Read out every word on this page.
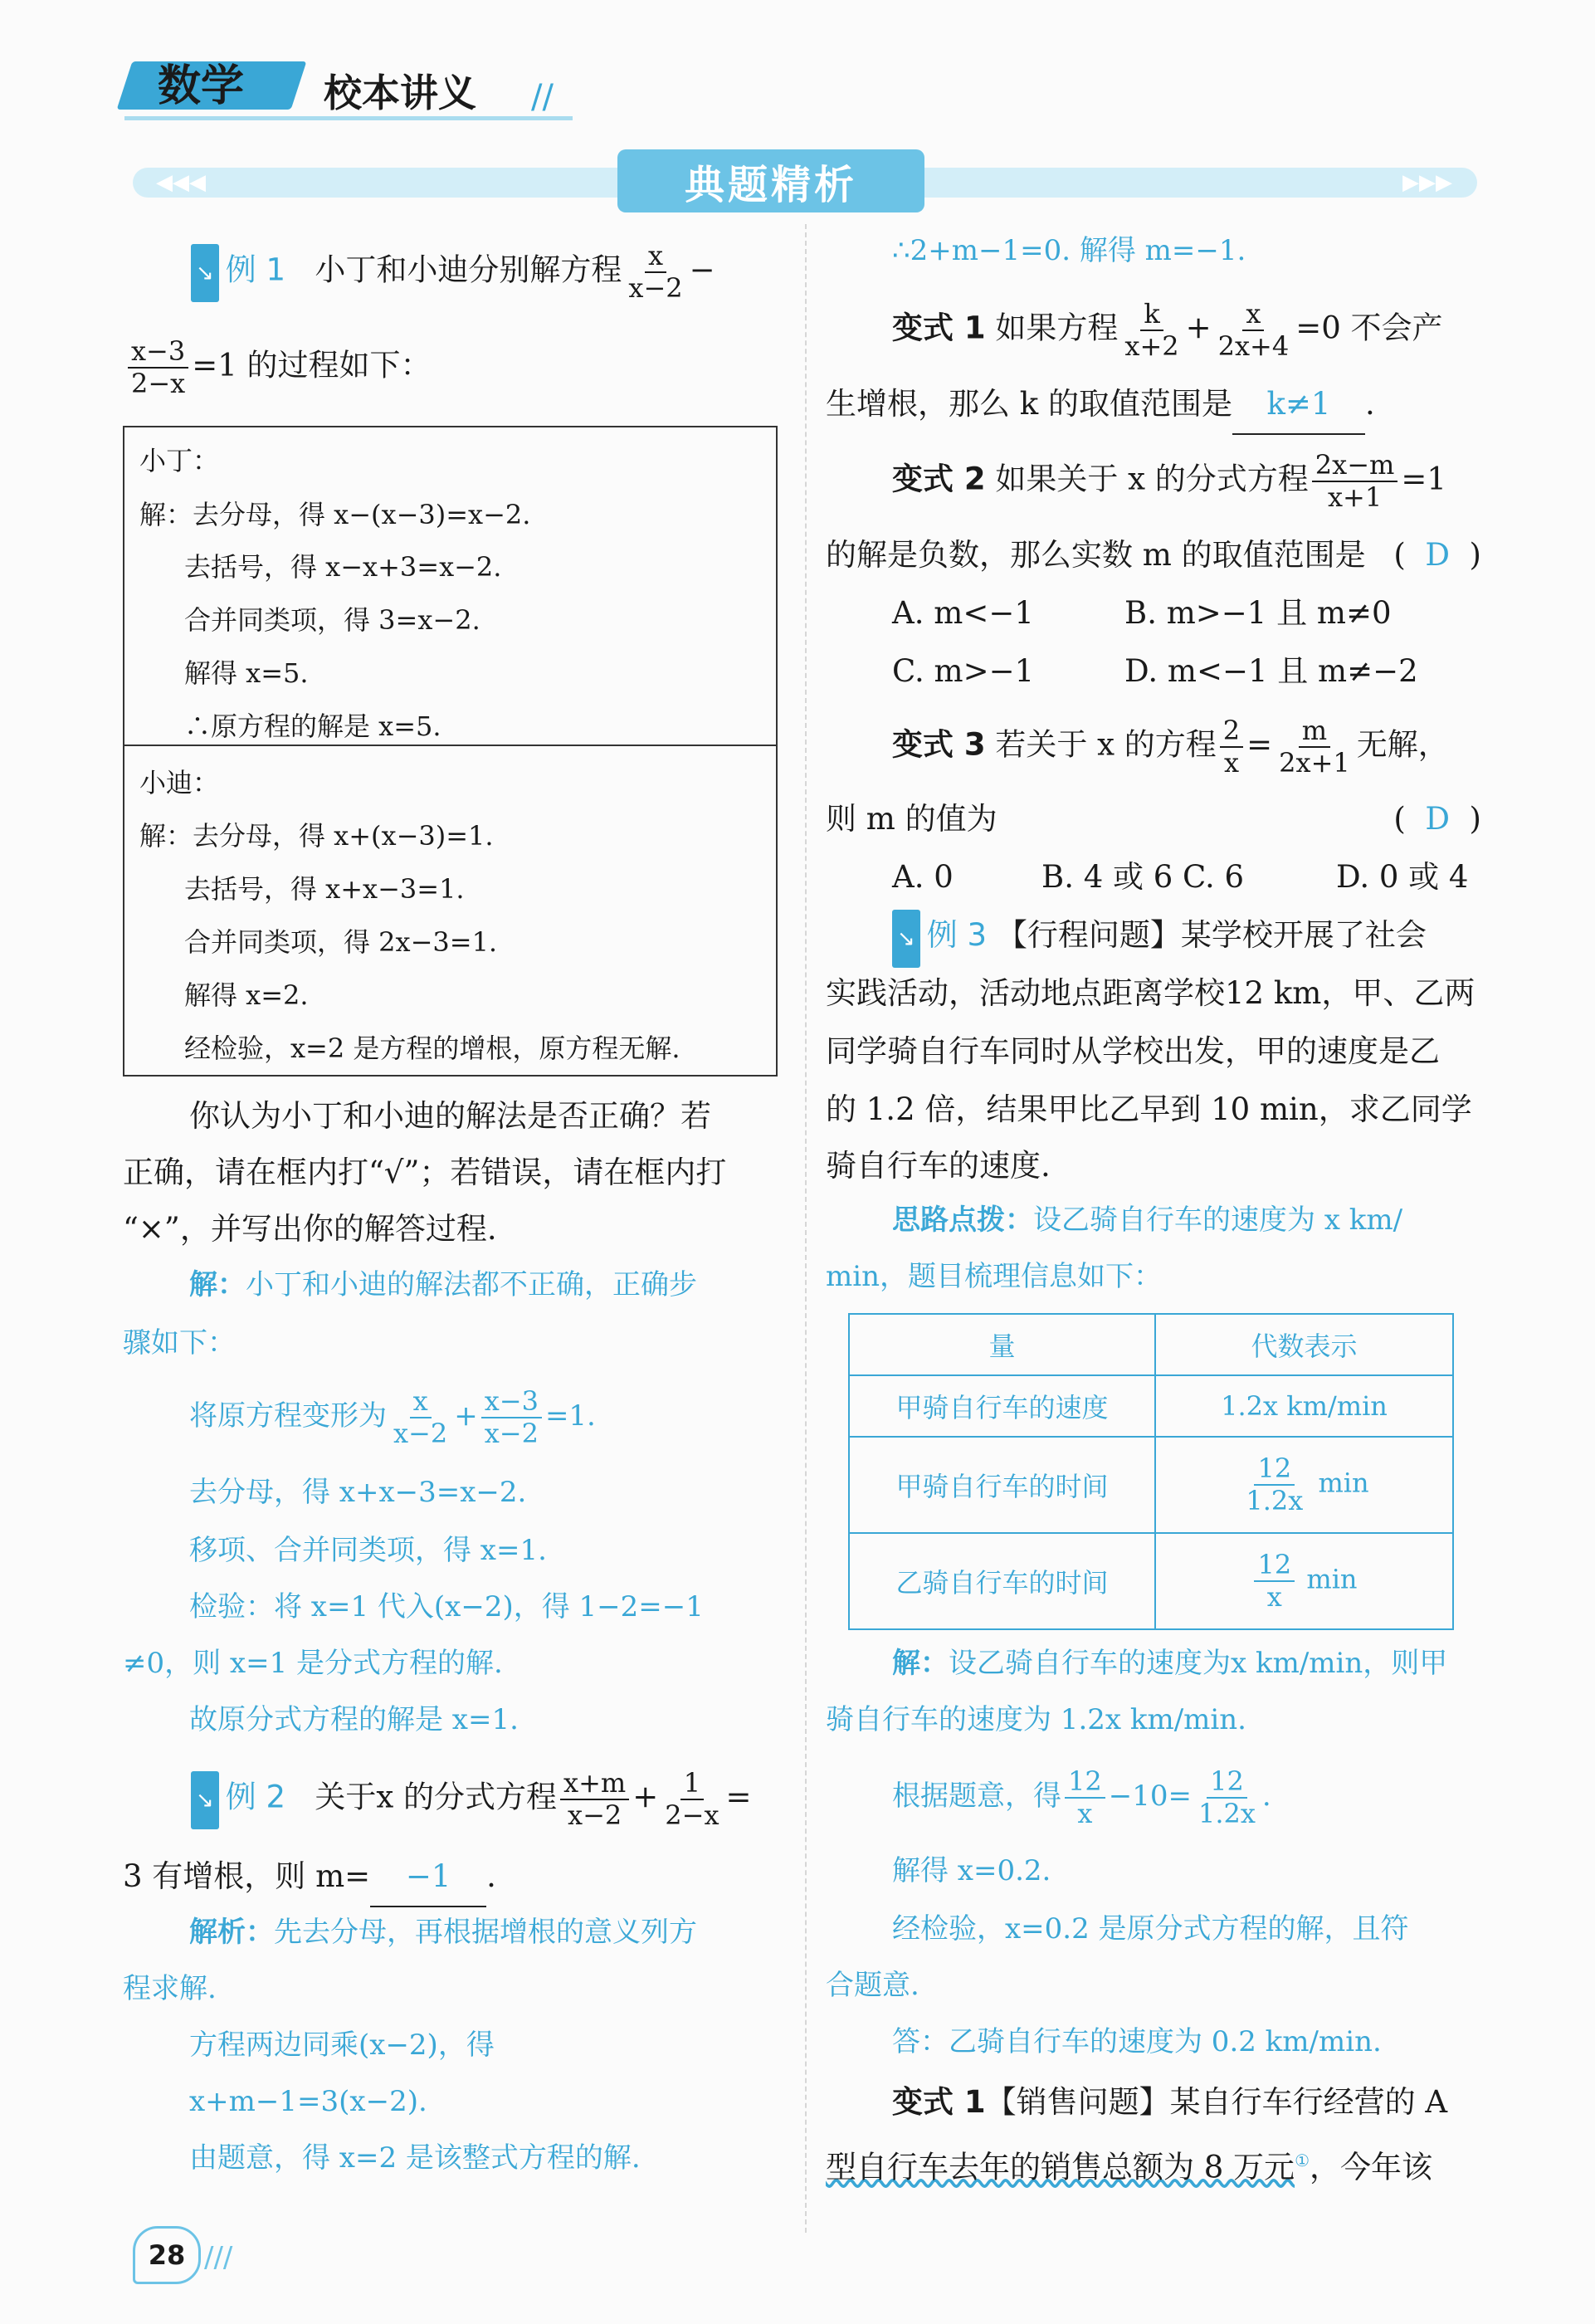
数学 校本讲义 //
◀◀◀	▶▶▶
典题精析
↘ 例 1 小丁和小迪分别解方程 $\frac{x}{x-2}$ −
$\frac{x-3}{2-x} =1$ 的过程如下：
小丁：
解：去分母，得 x−(x−3)=x−2.
去括号，得 x−x+3=x−2.
合并同类项，得 3=x−2.
解得 x=5.
∴原方程的解是 x=5.
小迪：
解：去分母，得 x+(x−3)=1.
去括号，得 x+x−3=1.
合并同类项，得 2x−3=1.
解得 x=2.
经检验，x=2 是方程的增根，原方程无解.
你认为小丁和小迪的解法是否正确？若
正确，请在框内打“√”；若错误，请在框内打
“×”，并写出你的解答过程.
解：小丁和小迪的解法都不正确，正确步
骤如下：
将原方程变形为 $\frac{x}{x-2} + \frac{x-3}{x-2} =1$.
去分母，得 x+x−3=x−2.
移项、合并同类项，得 x=1.
检验：将 x=1 代入(x−2)，得 1−2=−1
≠0，则 x=1 是分式方程的解.
故原分式方程的解是 x=1.
↘ 例 2 关于x 的分式方程 $\frac{x+m}{x-2} + \frac{1}{2-x}$ =
3 有增根，则 m= −1 .
解析：先去分母，再根据增根的意义列方
程求解.
方程两边同乘(x−2)，得
x+m−1=3(x−2).
由题意，得 x=2 是该整式方程的解.
28 ///
∴2+m−1=0. 解得 m=−1.
变式 1 如果方程 $\frac{k}{x+2} + \frac{x}{2x+4} =0$ 不会产
生增根，那么 k 的取值范围是 k≠1 .
变式 2 如果关于 x 的分式方程 $\frac{2x-m}{x+1} =1$
的解是负数，那么实数 m 的取值范围是 (  D  )
A. m<−1	B. m>−1 且 m≠0
C. m>−1	D. m<−1 且 m≠−2
变式 3 若关于 x 的方程 $\frac{2}{x} = \frac{m}{2x+1}$ 无解，
则 m 的值为	(  D  )
A. 0	B. 4 或 6 C. 6	D. 0 或 4
↘ 例 3 【行程问题】某学校开展了社会
实践活动，活动地点距离学校12 km，甲、乙两
同学骑自行车同时从学校出发，甲的速度是乙
的 1.2 倍，结果甲比乙早到 10 min，求乙同学
骑自行车的速度.
思路点拨：设乙骑自行车的速度为 x km/
min，题目梳理信息如下：
量	代数表示
甲骑自行车的速度	1.2x km/min
甲骑自行车的时间	$\frac{12}{1.2x}$ min
乙骑自行车的时间	$\frac{12}{x}$ min
解：设乙骑自行车的速度为x km/min，则甲
骑自行车的速度为 1.2x km/min.
根据题意，得 $\frac{12}{x} -10= \frac{12}{1.2x}$ .
解得 x=0.2.
经检验，x=0.2 是原分式方程的解，且符
合题意.
答：乙骑自行车的速度为 0.2 km/min.
变式 1【销售问题】某自行车行经营的 A
型自行车去年的销售总额为 8 万元①，今年该
